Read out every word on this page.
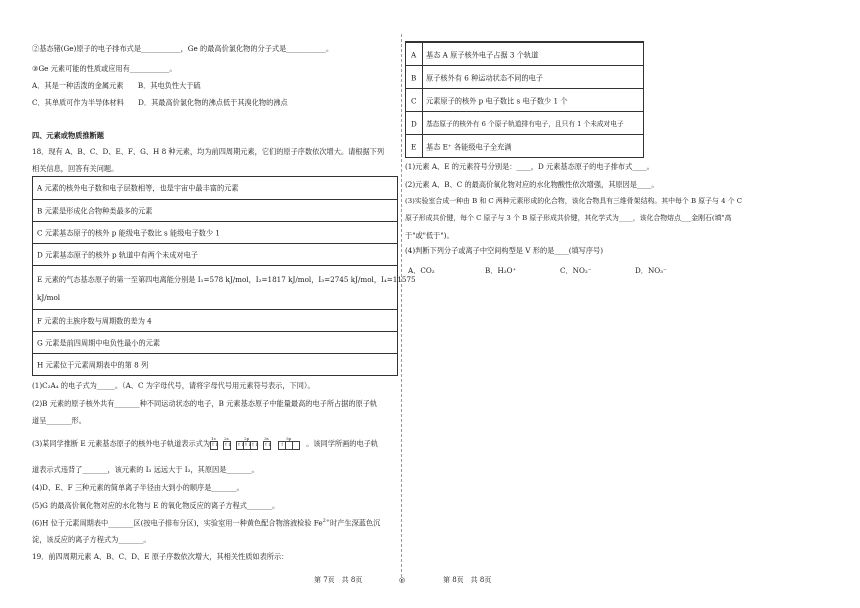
②基态锗(Ge)原子的电子排布式是___________，Ge 的最高价氯化物的分子式是___________。
③Ge 元素可能的性质或应用有___________。
A．其是一种活泼的金属元素　　B．其电负性大于硫
C．其单质可作为半导体材料　　D．其最高价氯化物的沸点低于其溴化物的沸点
四、元素或物质推断题
18．现有 A、B、C、D、E、F、G、H 8 种元素，均为前四周期元素，它们的原子序数依次增大。请根据下列
相关信息，回答有关问题。
A 元素的核外电子数和电子层数相等，也是宇宙中最丰富的元素
B 元素是形成化合物种类最多的元素
C 元素基态原子的核外 p 能级电子数比 s 能级电子数少 1
D 元素基态原子的核外 p 轨道中有两个未成对电子
E 元素的气态基态原子的第一至第四电离能分别是 I₁=578 kJ/mol，I₂=1817 kJ/mol，I₃=2745 kJ/mol，I₄=11575
kJ/mol
F 元素的主族序数与周期数的差为 4
G 元素是前四周期中电负性最小的元素
H 元素位于元素周期表中的第 8 列
(1)C₂A₄ 的电子式为_____。（A、C 为字母代号，请将字母代号用元素符号表示，下同）。
(2)B 元素的原子核外共有_______种不同运动状态的电子，B 元素基态原子中能量最高的电子所占据的原子轨
道呈_______形。
(3)某同学推断 E 元素基态原子的核外电子轨道表示式为
1s
↑↓
2s
↑↓
2p
↑↓ ↑↓ ↑↓
3s
↑↓
3p
↑	。该同学所画的电子轨
道表示式违背了_______，该元素的 I₃ 远远大于 I₂，其原因是_______。
(4)D、E、F 三种元素的简单离子半径由大到小的顺序是_______。
(5)G 的最高价氧化物对应的水化物与 E 的氧化物反应的离子方程式_______。
(6)H 位于元素周期表中_______区(按电子排布分区)，实验室用一种黄色配合物溶液检验 $Fe^{2+}$时产生深蓝色沉
淀，该反应的离子方程式为_______。
19．前四周期元素 A、B、C、D、E 原子序数依次增大，其相关性质如表所示：
A 基态 A 原子核外电子占据 3 个轨道
B 原子核外有 6 种运动状态不同的电子
C 元素原子的核外 p 电子数比 s 电子数少 1 个
D 基态原子的核外有 6 个原子轨道排有电子，且只有 1 个未成对电子
E 基态 E⁺ 各能级电子全充满
(1)元素 A、E 的元素符号分别是：____，D 元素基态原子的电子排布式____。
(2)元素 A、B、C 的最高价氧化物对应的水化物酸性依次增强，其原因是____。
(3)实验室合成一种由 B 和 C 两种元素形成的化合物，该化合物具有三维骨架结构。其中每个 B 原子与 4 个 C
原子形成共价键，每个 C 原子与 3 个 B 原子形成共价键，其化学式为____，该化合物熔点___金刚石(填"高
于"或"低于")。
(4)判断下列分子或离子中空间构型是 V 形的是____(填写序号)
A．CO₂	B．H₃O⁺	C．NO₂⁻	D．NO₃⁻
第 7页　共 8页	◎	第 8页　共 8页
